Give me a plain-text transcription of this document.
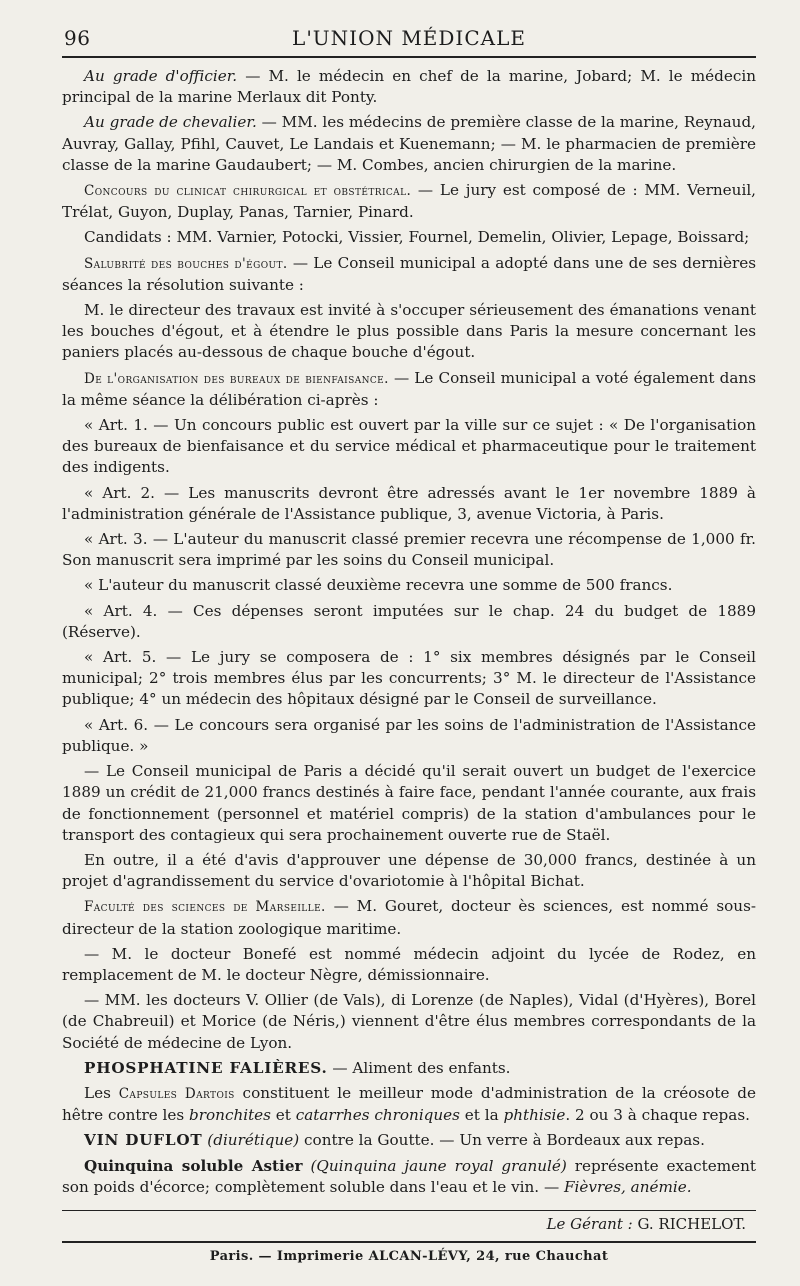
96	L'UNION MÉDICALE

Au grade d'officier. — M. le médecin en chef de la marine, Jobard; M. le médecin principal de la marine Merlaux dit Ponty.

Au grade de chevalier. — MM. les médecins de première classe de la marine, Reynaud, Auvray, Gallay, Pfihl, Cauvet, Le Landais et Kuenemann; — M. le pharmacien de première classe de la marine Gaudaubert; — M. Combes, ancien chirurgien de la marine.

Concours du clinicat chirurgical et obstétrical. — Le jury est composé de : MM. Verneuil, Trélat, Guyon, Duplay, Panas, Tarnier, Pinard.

Candidats : MM. Varnier, Potocki, Vissier, Fournel, Demelin, Olivier, Lepage, Boissard;

Salubrité des bouches d'égout. — Le Conseil municipal a adopté dans une de ses dernières séances la résolution suivante :

M. le directeur des travaux est invité à s'occuper sérieusement des émanations venant les bouches d'égout, et à étendre le plus possible dans Paris la mesure concernant les paniers placés au-dessous de chaque bouche d'égout.

De l'organisation des bureaux de bienfaisance. — Le Conseil municipal a voté également dans la même séance la délibération ci-après :

« Art. 1. — Un concours public est ouvert par la ville sur ce sujet : « De l'organisation des bureaux de bienfaisance et du service médical et pharmaceutique pour le traitement des indigents.

« Art. 2. — Les manuscrits devront être adressés avant le 1er novembre 1889 à l'administration générale de l'Assistance publique, 3, avenue Victoria, à Paris.

« Art. 3. — L'auteur du manuscrit classé premier recevra une récompense de 1,000 fr. Son manuscrit sera imprimé par les soins du Conseil municipal.

« L'auteur du manuscrit classé deuxième recevra une somme de 500 francs.

« Art. 4. — Ces dépenses seront imputées sur le chap. 24 du budget de 1889 (Réserve).

« Art. 5. — Le jury se composera de : 1° six membres désignés par le Conseil municipal; 2° trois membres élus par les concurrents; 3° M. le directeur de l'Assistance publique; 4° un médecin des hôpitaux désigné par le Conseil de surveillance.

« Art. 6. — Le concours sera organisé par les soins de l'administration de l'Assistance publique. »

— Le Conseil municipal de Paris a décidé qu'il serait ouvert un budget de l'exercice 1889 un crédit de 21,000 francs destinés à faire face, pendant l'année courante, aux frais de fonctionnement (personnel et matériel compris) de la station d'ambulances pour le transport des contagieux qui sera prochainement ouverte rue de Staël.

En outre, il a été d'avis d'approuver une dépense de 30,000 francs, destinée à un projet d'agrandissement du service d'ovariotomie à l'hôpital Bichat.

Faculté des sciences de Marseille. — M. Gouret, docteur ès sciences, est nommé sous-directeur de la station zoologique maritime.

— M. le docteur Bonefé est nommé médecin adjoint du lycée de Rodez, en remplacement de M. le docteur Nègre, démissionnaire.

— MM. les docteurs V. Ollier (de Vals), di Lorenze (de Naples), Vidal (d'Hyères), Borel (de Chabreuil) et Morice (de Néris,) viennent d'être élus membres correspondants de la Société de médecine de Lyon.

PHOSPHATINE FALIÈRES. — Aliment des enfants.

Les Capsules Dartois constituent le meilleur mode d'administration de la créosote de hêtre contre les bronchites et catarrhes chroniques et la phthisie. 2 ou 3 à chaque repas.

VIN DUFLOT (diurétique) contre la Goutte. — Un verre à Bordeaux aux repas.

Quinquina soluble Astier (Quinquina jaune royal granulé) représente exactement son poids d'écorce; complètement soluble dans l'eau et le vin. — Fièvres, anémie.

Le Gérant : G. RICHELOT.
Paris. — Imprimerie ALCAN-LÉVY, 24, rue Chauchat
